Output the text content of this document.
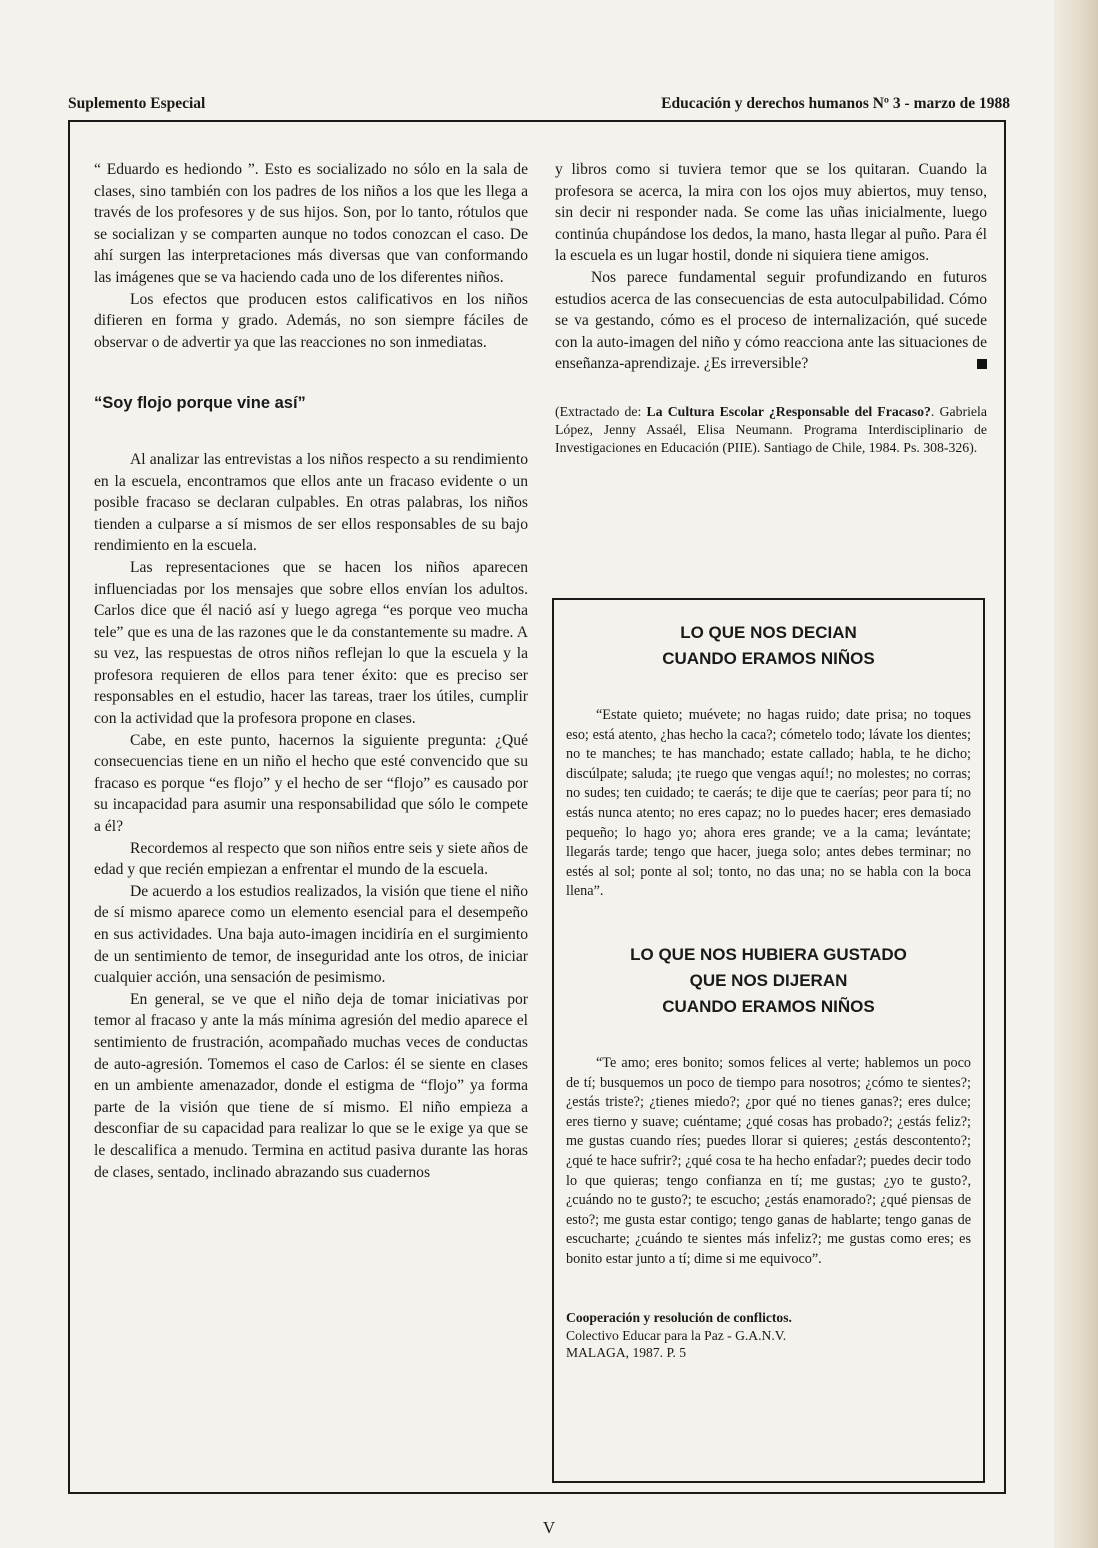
Suplemento Especial	Educación y derechos humanos Nº 3 - marzo de 1988

“ Eduardo es hediondo ”. Esto es socializado no sólo en la sala de clases, sino también con los padres de los niños a los que les llega a través de los profesores y de sus hijos. Son, por lo tanto, rótulos que se socializan y se comparten aunque no todos conozcan el caso. De ahí surgen las interpretaciones más diversas que van conformando las imágenes que se va haciendo cada uno de los diferentes niños.

Los efectos que producen estos calificativos en los niños difieren en forma y grado. Además, no son siempre fáciles de observar o de advertir ya que las reacciones no son inmediatas.

“Soy flojo porque vine así”

Al analizar las entrevistas a los niños respecto a su rendimiento en la escuela, encontramos que ellos ante un fracaso evidente o un posible fracaso se declaran culpables. En otras palabras, los niños tienden a culparse a sí mismos de ser ellos responsables de su bajo rendimiento en la escuela.

Las representaciones que se hacen los niños aparecen influenciadas por los mensajes que sobre ellos envían los adultos. Carlos dice que él nació así y luego agrega “es porque veo mucha tele” que es una de las razones que le da constantemente su madre. A su vez, las respuestas de otros niños reflejan lo que la escuela y la profesora requieren de ellos para tener éxito: que es preciso ser responsables en el estudio, hacer las tareas, traer los útiles, cumplir con la actividad que la profesora propone en clases.

Cabe, en este punto, hacernos la siguiente pregunta: ¿Qué consecuencias tiene en un niño el hecho que esté convencido que su fracaso es porque “es flojo” y el hecho de ser “flojo” es causado por su incapacidad para asumir una responsabilidad que sólo le compete a él?

Recordemos al respecto que son niños entre seis y siete años de edad y que recién empiezan a enfrentar el mundo de la escuela.

De acuerdo a los estudios realizados, la visión que tiene el niño de sí mismo aparece como un elemento esencial para el desempeño en sus actividades. Una baja auto-imagen incidiría en el surgimiento de un sentimiento de temor, de inseguridad ante los otros, de iniciar cualquier acción, una sensación de pesimismo.

En general, se ve que el niño deja de tomar iniciativas por temor al fracaso y ante la más mínima agresión del medio aparece el sentimiento de frustración, acompañado muchas veces de conductas de auto-agresión. Tomemos el caso de Carlos: él se siente en clases en un ambiente amenazador, donde el estigma de “flojo” ya forma parte de la visión que tiene de sí mismo. El niño empieza a desconfiar de su capacidad para realizar lo que se le exige ya que se le descalifica a menudo. Termina en actitud pasiva durante las horas de clases, sentado, inclinado abrazando sus cuadernos

y libros como si tuviera temor que se los quitaran. Cuando la profesora se acerca, la mira con los ojos muy abiertos, muy tenso, sin decir ni responder nada. Se come las uñas inicialmente, luego continúa chupándose los dedos, la mano, hasta llegar al puño. Para él la escuela es un lugar hostil, donde ni siquiera tiene amigos.

Nos parece fundamental seguir profundizando en futuros estudios acerca de las consecuencias de esta autoculpabilidad. Cómo se va gestando, cómo es el proceso de internalización, qué sucede con la auto-imagen del niño y cómo reacciona ante las situaciones de enseñanza-aprendizaje. ¿Es irreversible?

(Extractado de: La Cultura Escolar ¿Responsable del Fracaso?. Gabriela López, Jenny Assaél, Elisa Neumann. Programa Interdisciplinario de Investigaciones en Educación (PIIE). Santiago de Chile, 1984. Ps. 308-326).

LO QUE NOS DECIAN
CUANDO ERAMOS NIÑOS

“Estate quieto; muévete; no hagas ruido; date prisa; no toques eso; está atento, ¿has hecho la caca?; cómetelo todo; lávate los dientes; no te manches; te has manchado; estate callado; habla, te he dicho; discúlpate; saluda; ¡te ruego que vengas aquí!; no molestes; no corras; no sudes; ten cuidado; te caerás; te dije que te caerías; peor para tí; no estás nunca atento; no eres capaz; no lo puedes hacer; eres demasiado pequeño; lo hago yo; ahora eres grande; ve a la cama; levántate; llegarás tarde; tengo que hacer, juega solo; antes debes terminar; no estés al sol; ponte al sol; tonto, no das una; no se habla con la boca llena”.

LO QUE NOS HUBIERA GUSTADO
QUE NOS DIJERAN
CUANDO ERAMOS NIÑOS

“Te amo; eres bonito; somos felices al verte; hablemos un poco de tí; busquemos un poco de tiempo para nosotros; ¿cómo te sientes?; ¿estás triste?; ¿tienes miedo?; ¿por qué no tienes ganas?; eres dulce; eres tierno y suave; cuéntame; ¿qué cosas has probado?; ¿estás feliz?; me gustas cuando ríes; puedes llorar si quieres; ¿estás descontento?; ¿qué te hace sufrir?; ¿qué cosa te ha hecho enfadar?; puedes decir todo lo que quieras; tengo confianza en tí; me gustas; ¿yo te gusto?, ¿cuándo no te gusto?; te escucho; ¿estás enamorado?; ¿qué piensas de esto?; me gusta estar contigo; tengo ganas de hablarte; tengo ganas de escucharte; ¿cuándo te sientes más infeliz?; me gustas como eres; es bonito estar junto a tí; dime si me equivoco”.

Cooperación y resolución de conflictos.
Colectivo Educar para la Paz - G.A.N.V.
MALAGA, 1987. P. 5

V
